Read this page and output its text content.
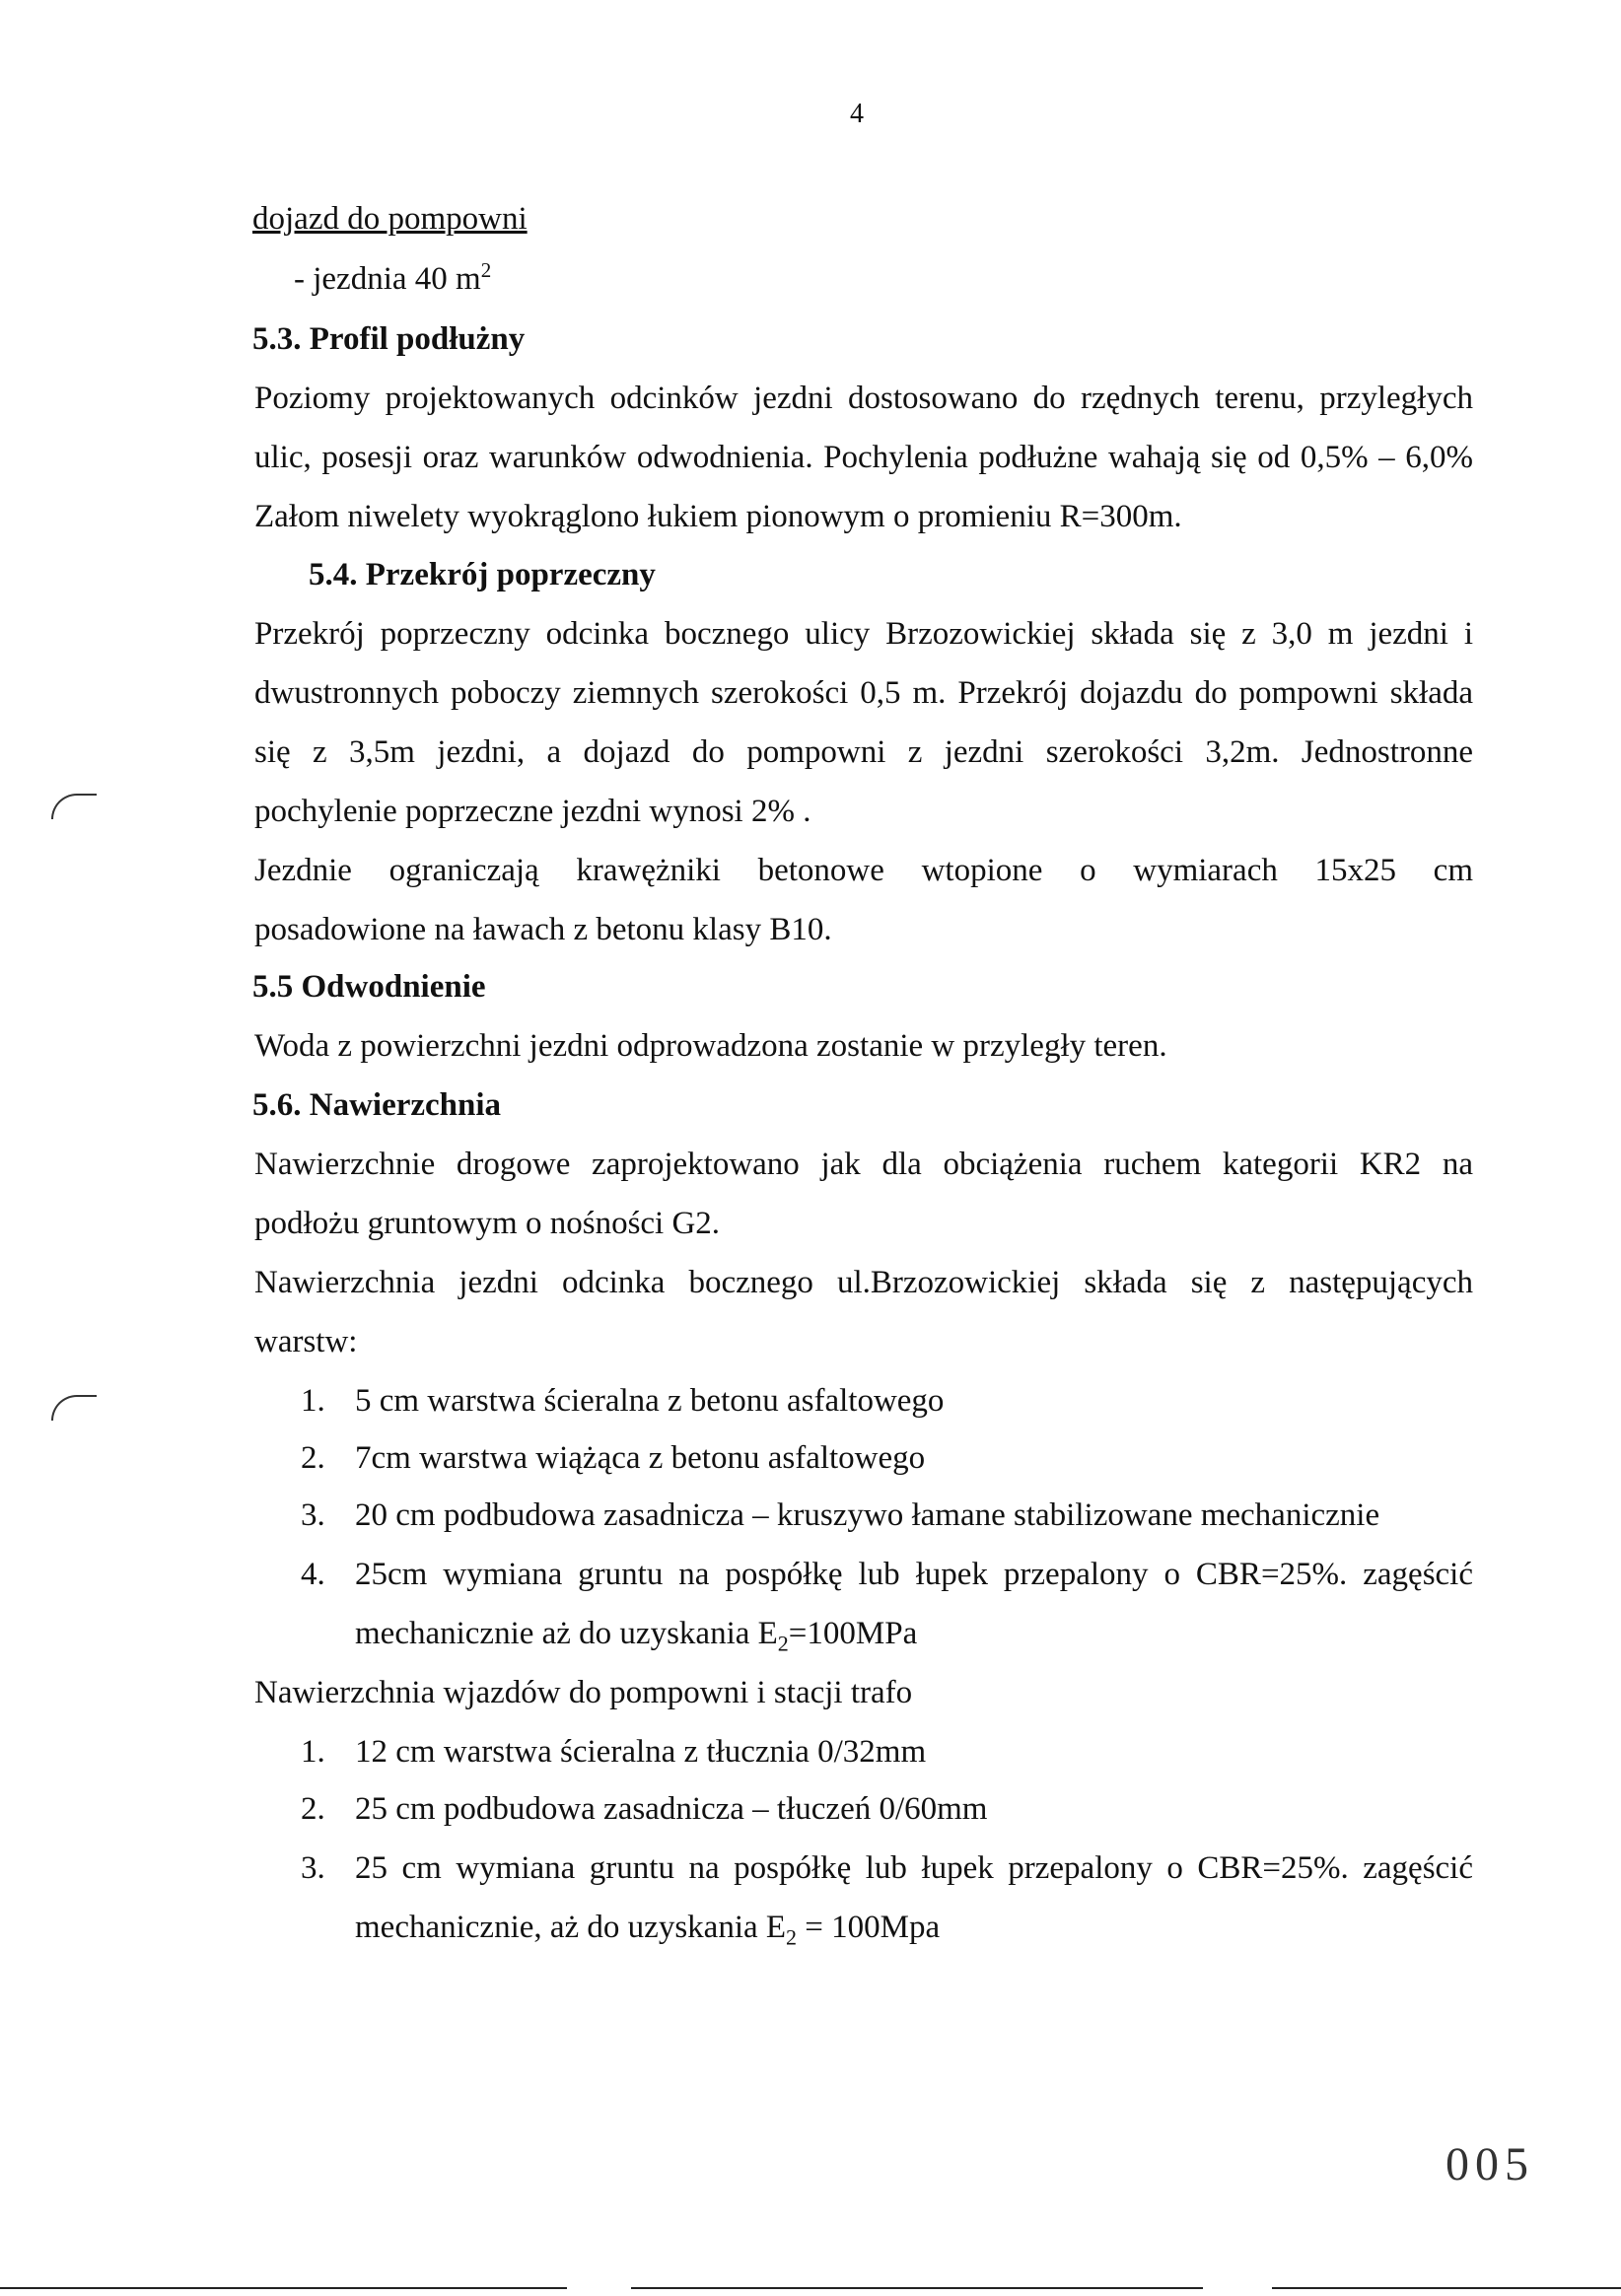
4
dojazd do pompowni
- jezdnia 40 $m^2$
5.3. Profil podłużny
Poziomy projektowanych odcinków jezdni dostosowano do rzędnych terenu, przyległych
ulic, posesji oraz warunków odwodnienia. Pochylenia podłużne wahają się od 0,5% – 6,0%
Załom niwelety wyokrąglono łukiem pionowym o promieniu R=300m.
5.4. Przekrój poprzeczny
Przekrój poprzeczny odcinka bocznego ulicy Brzozowickiej składa się z 3,0 m jezdni i
dwustronnych poboczy ziemnych szerokości 0,5 m. Przekrój dojazdu do pompowni składa
się z 3,5m jezdni, a dojazd do pompowni z jezdni szerokości 3,2m. Jednostronne
pochylenie poprzeczne jezdni wynosi 2% .
Jezdnie ograniczają krawężniki betonowe wtopione o wymiarach 15x25 cm
posadowione na ławach z betonu klasy B10.
5.5 Odwodnienie
Woda z powierzchni jezdni odprowadzona zostanie w przyległy teren.
5.6. Nawierzchnia
Nawierzchnie drogowe zaprojektowano jak dla obciążenia ruchem kategorii KR2 na
podłożu gruntowym o nośności G2.
Nawierzchnia jezdni odcinka bocznego ul.Brzozowickiej składa się z następujących
warstw:
1. 5 cm warstwa ścieralna z betonu asfaltowego
2. 7cm warstwa wiążąca z betonu asfaltowego
3. 20 cm podbudowa zasadnicza – kruszywo łamane stabilizowane mechanicznie
4. 25cm wymiana gruntu na pospółkę lub łupek przepalony o CBR=25%. zagęścić
mechanicznie aż do uzyskania $E_2=100MPa$
Nawierzchnia wjazdów do pompowni i stacji trafo
1. 12 cm warstwa ścieralna z tłucznia 0/32mm
2. 25 cm podbudowa zasadnicza – tłuczeń 0/60mm
3. 25 cm wymiana gruntu na pospółkę lub łupek przepalony o CBR=25%. zagęścić
mechanicznie, aż do uzyskania $E_2 = 100Mpa$
005
